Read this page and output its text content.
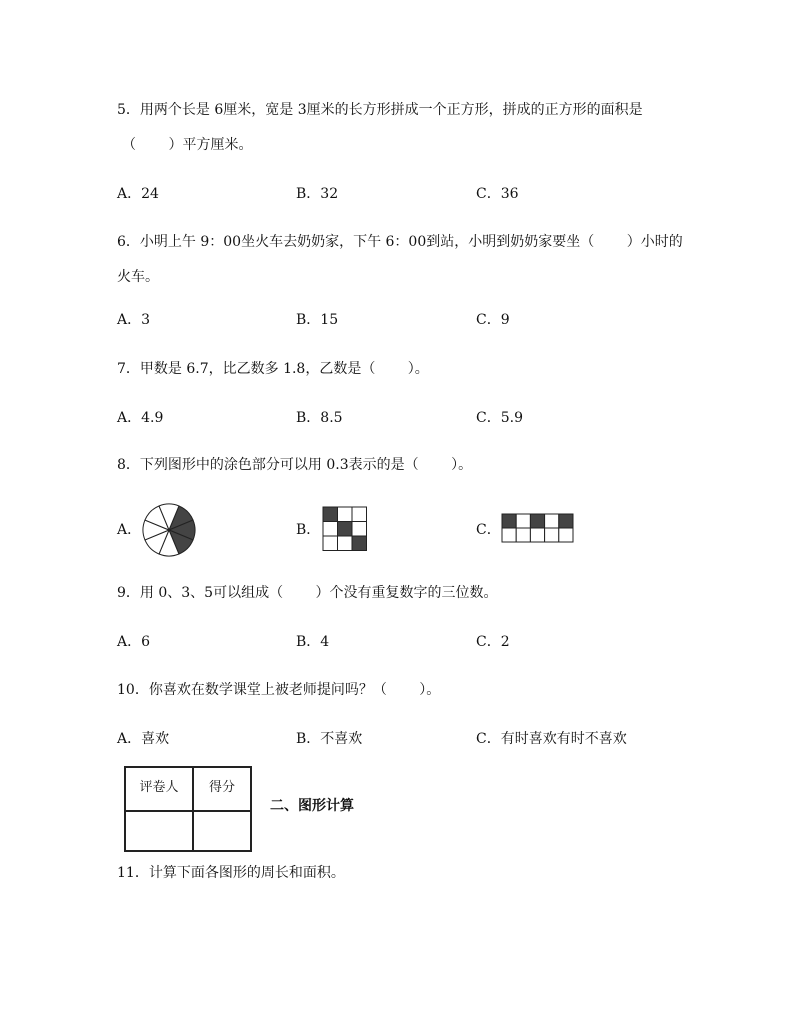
5．用两个长是 6厘米，宽是 3厘米的长方形拼成一个正方形，拼成的正方形的面积是
（　　 ）平方厘米。
A．24	B．32	C．36
6．小明上午 9：00坐火车去奶奶家，下午 6：00到站，小明到奶奶家要坐（　　 ）小时的
火车。
A．3	B．15	C．9
7．甲数是 6.7，比乙数多 1.8，乙数是（　　 ）。
A．4.9	B．8.5	C．5.9
8．下列图形中的涂色部分可以用 0.3表示的是（　　 ）。
A．	B．	C．
9．用 0、3、5可以组成（　　 ）个没有重复数字的三位数。
A．6	B．4	C．2
10．你喜欢在数学课堂上被老师提问吗？（　　 ）。
A．喜欢	B．不喜欢	C．有时喜欢有时不喜欢
评卷人	得分

二、图形计算
11．计算下面各图形的周长和面积。
